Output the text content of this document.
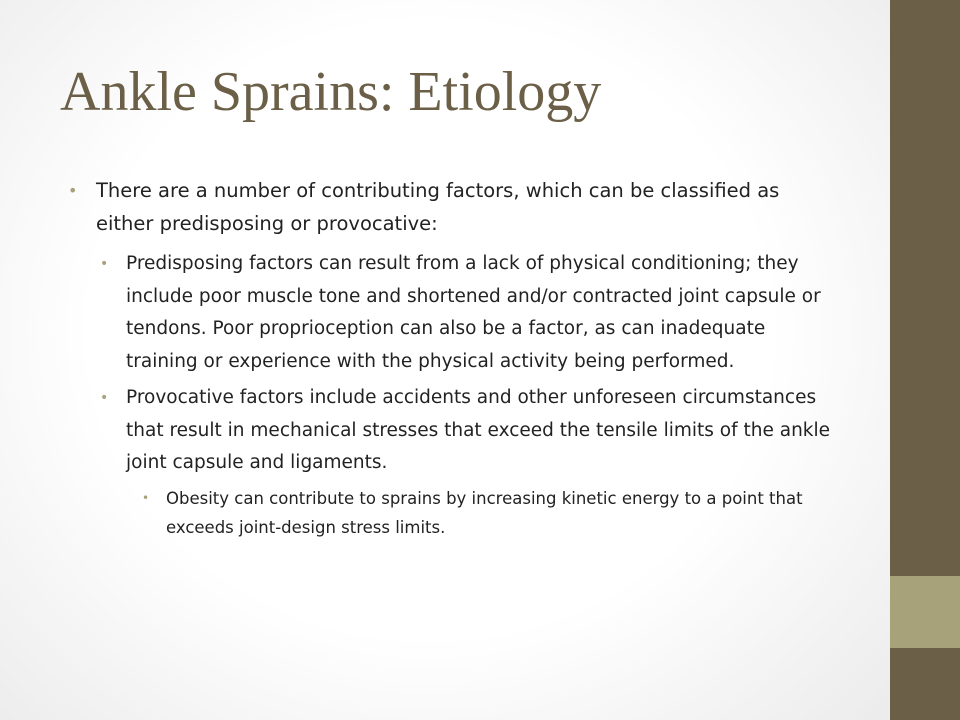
Ankle Sprains: Etiology
• There are a number of contributing factors, which can be classified as either predisposing or provocative:
• Predisposing factors can result from a lack of physical conditioning; they include poor muscle tone and shortened and/or contracted joint capsule or tendons. Poor proprioception can also be a factor, as can inadequate training or experience with the physical activity being performed.
• Provocative factors include accidents and other unforeseen circumstances that result in mechanical stresses that exceed the tensile limits of the ankle joint capsule and ligaments.
• Obesity can contribute to sprains by increasing kinetic energy to a point that exceeds joint-design stress limits.
